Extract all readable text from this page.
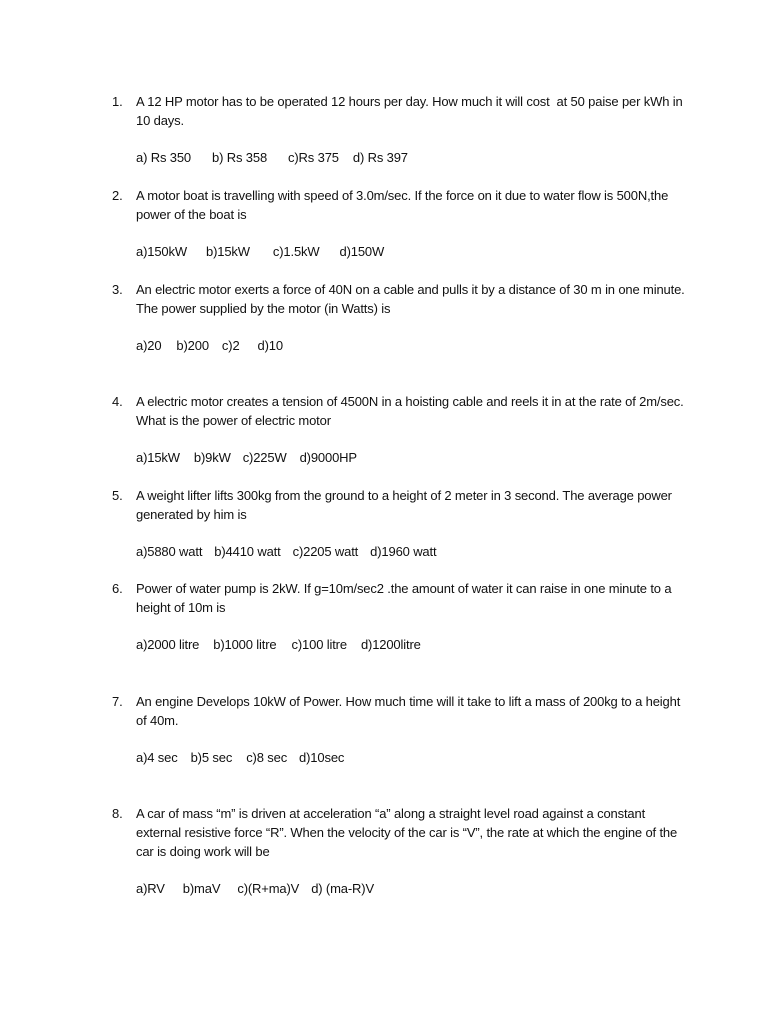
1.	A 12 HP motor has to be operated 12 hours per day. How much it will cost  at 50 paise per kWh in 10 days.
a) Rs 350 b) Rs 358 c)Rs 375 d) Rs 397
2.	A motor boat is travelling with speed of 3.0m/sec. If the force on it due to water flow is 500N,the power of the boat is
a)150kW b)15kW c)1.5kW d)150W
3.	An electric motor exerts a force of 40N on a cable and pulls it by a distance of 30 m in one minute. The power supplied by the motor (in Watts) is
a)20 b)200 c)2 d)10
4.	A electric motor creates a tension of 4500N in a hoisting cable and reels it in at the rate of 2m/sec. What is the power of electric motor
a)15kW b)9kW c)225W d)9000HP
5.	A weight lifter lifts 300kg from the ground to a height of 2 meter in 3 second. The average power generated by him is
a)5880 watt b)4410 watt c)2205 watt d)1960 watt
6.	Power of water pump is 2kW. If g=10m/sec2 .the amount of water it can raise in one minute to a height of 10m is
a)2000 litre b)1000 litre c)100 litre d)1200litre
7.	An engine Develops 10kW of Power. How much time will it take to lift a mass of 200kg to a height of 40m.
a)4 sec b)5 sec c)8 sec d)10sec
8.	A car of mass “m” is driven at acceleration “a” along a straight level road against a constant external resistive force “R”. When the velocity of the car is “V”, the rate at which the engine of the car is doing work will be
a)RV b)maV c)(R+ma)V d) (ma-R)V
